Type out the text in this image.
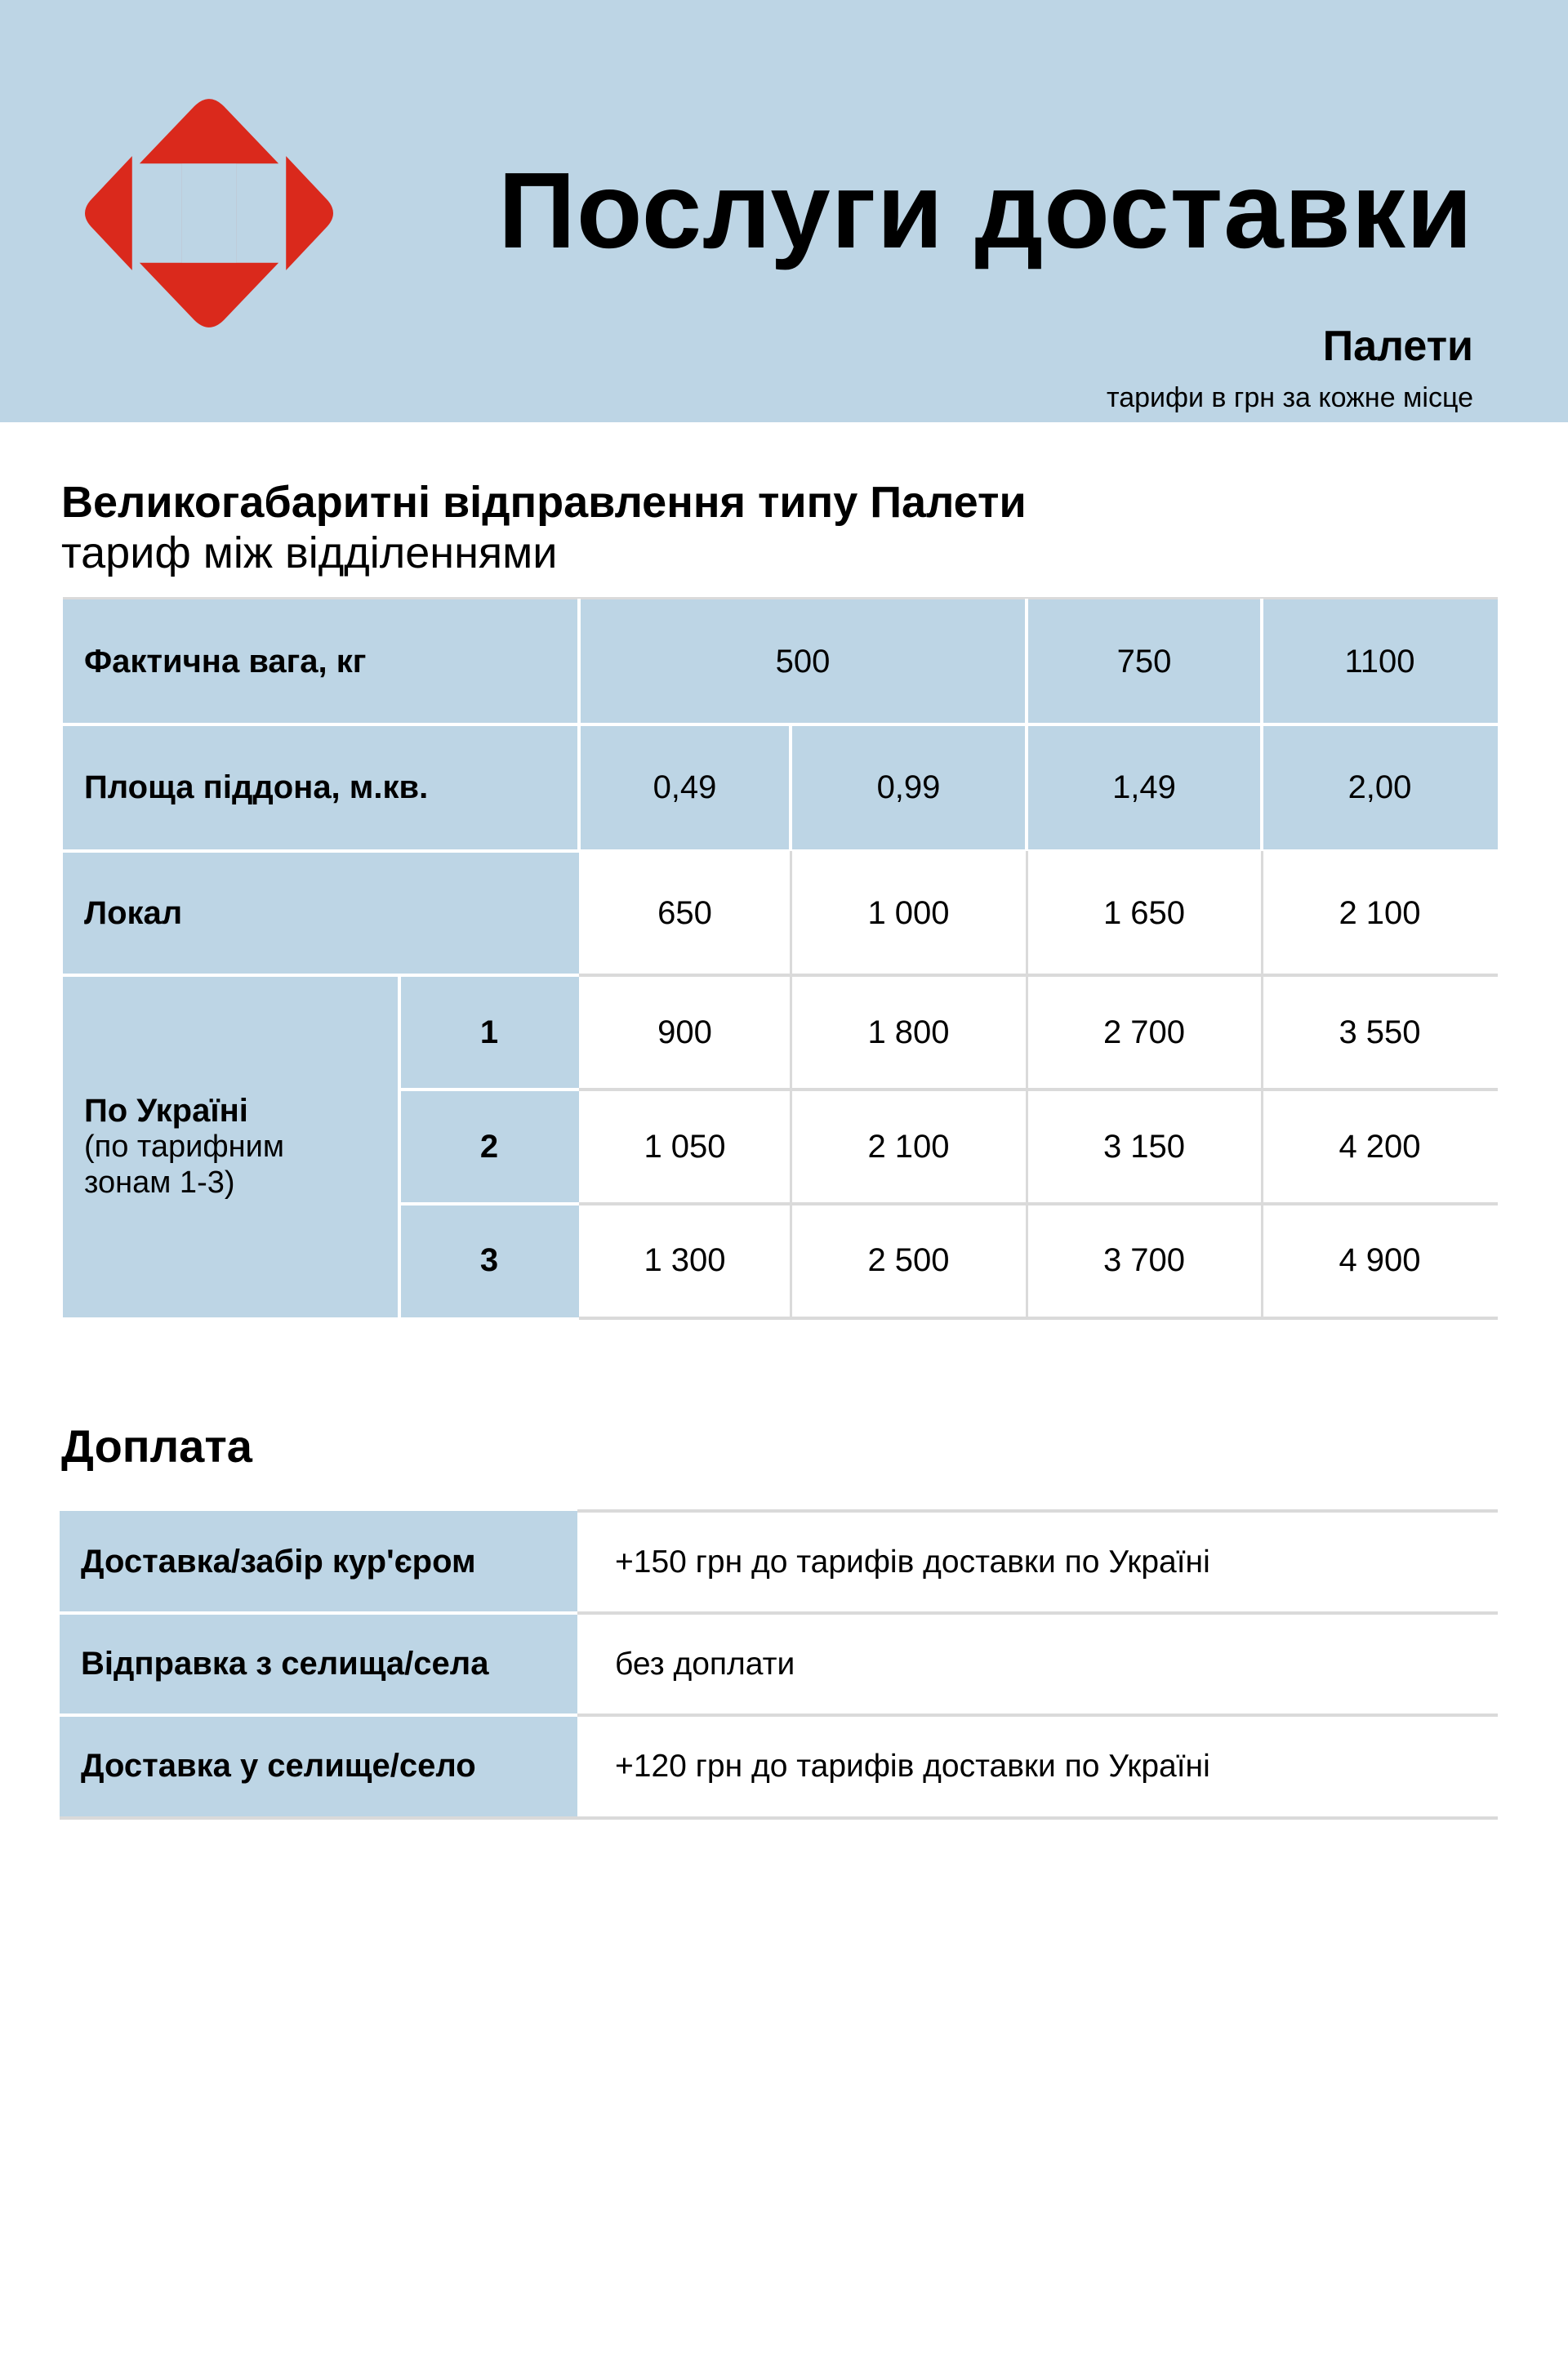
Послуги доставки
Палети
тарифи в грн за кожне місце
Великогабаритні відправлення типу Палети
тариф між відділеннями
Фактична вага, кг	500	750	1100
Площа піддона, м.кв.	0,49	0,99	1,49	2,00
Локал	650	1 000	1 650	2 100
По Україні
(по тарифним
зонам 1-3)
1	900	1 800	2 700	3 550
2	1 050	2 100	3 150	4 200
3	1 300	2 500	3 700	4 900
Доплата
Доставка/забір кур'єром	+150 грн до тарифів доставки по Україні
Відправка з селища/села	без доплати
Доставка у селище/село	+120 грн до тарифів доставки по Україні
